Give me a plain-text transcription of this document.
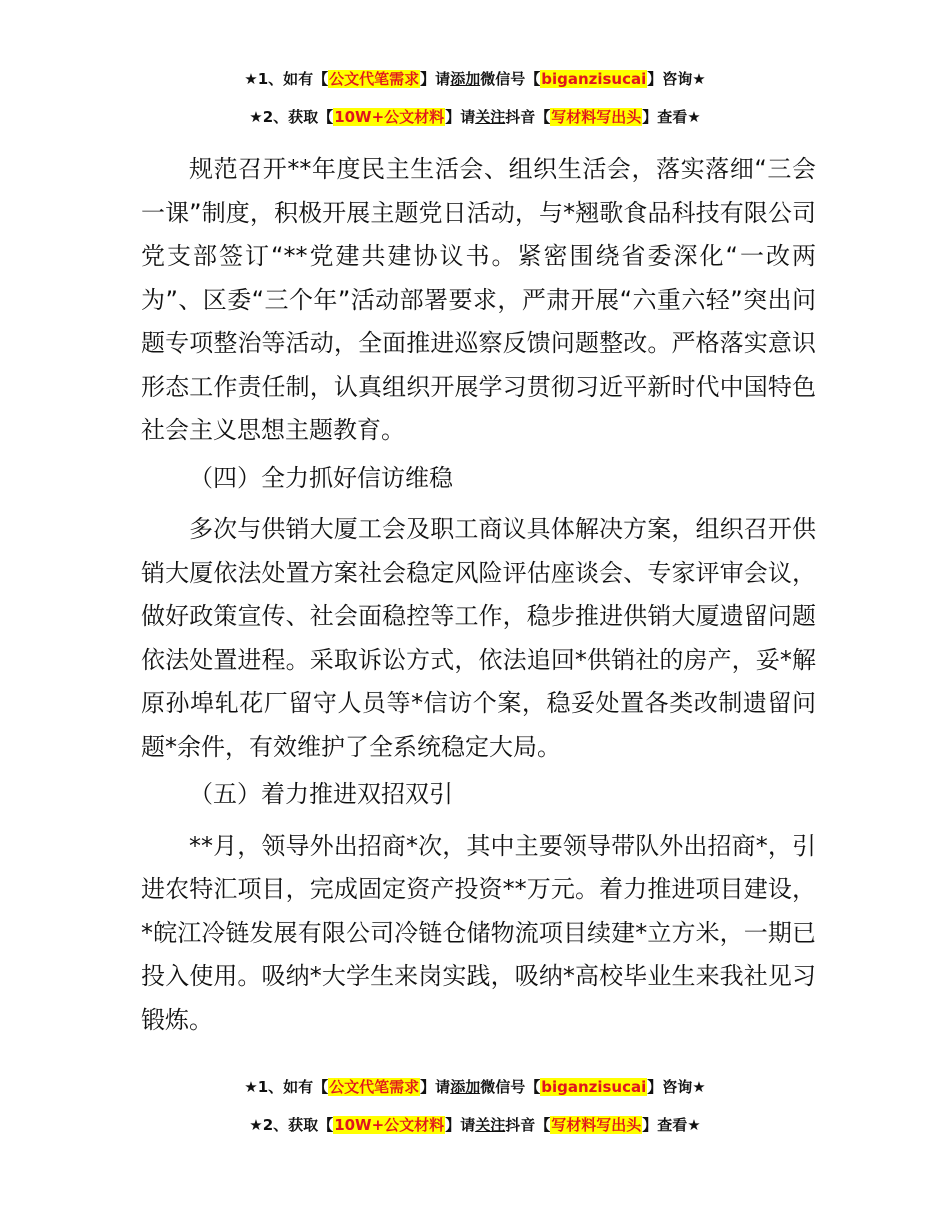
★1、如有【公文代笔需求】请添加微信号【biganzisucai】咨询★
★2、获取【10W+公文材料】请关注抖音【写材料写出头】查看★

规范召开**年度民主生活会、组织生活会，落实落细“三会一课”制度，积极开展主题党日活动，与*翘歌食品科技有限公司党支部签订“**党建共建协议书。紧密围绕省委深化“一改两为”、区委“三个年”活动部署要求，严肃开展“六重六轻”突出问题专项整治等活动，全面推进巡察反馈问题整改。严格落实意识形态工作责任制，认真组织开展学习贯彻习近平新时代中国特色社会主义思想主题教育。

（四）全力抓好信访维稳

多次与供销大厦工会及职工商议具体解决方案，组织召开供销大厦依法处置方案社会稳定风险评估座谈会、专家评审会议，做好政策宣传、社会面稳控等工作，稳步推进供销大厦遗留问题依法处置进程。采取诉讼方式，依法追回*供销社的房产，妥*解原孙埠轧花厂留守人员等*信访个案，稳妥处置各类改制遗留问题*余件，有效维护了全系统稳定大局。

（五）着力推进双招双引

**月，领导外出招商*次，其中主要领导带队外出招商*，引进农特汇项目，完成固定资产投资**万元。着力推进项目建设，*皖江冷链发展有限公司冷链仓储物流项目续建*立方米，一期已投入使用。吸纳*大学生来岗实践，吸纳*高校毕业生来我社见习锻炼。

★1、如有【公文代笔需求】请添加微信号【biganzisucai】咨询★
★2、获取【10W+公文材料】请关注抖音【写材料写出头】查看★
